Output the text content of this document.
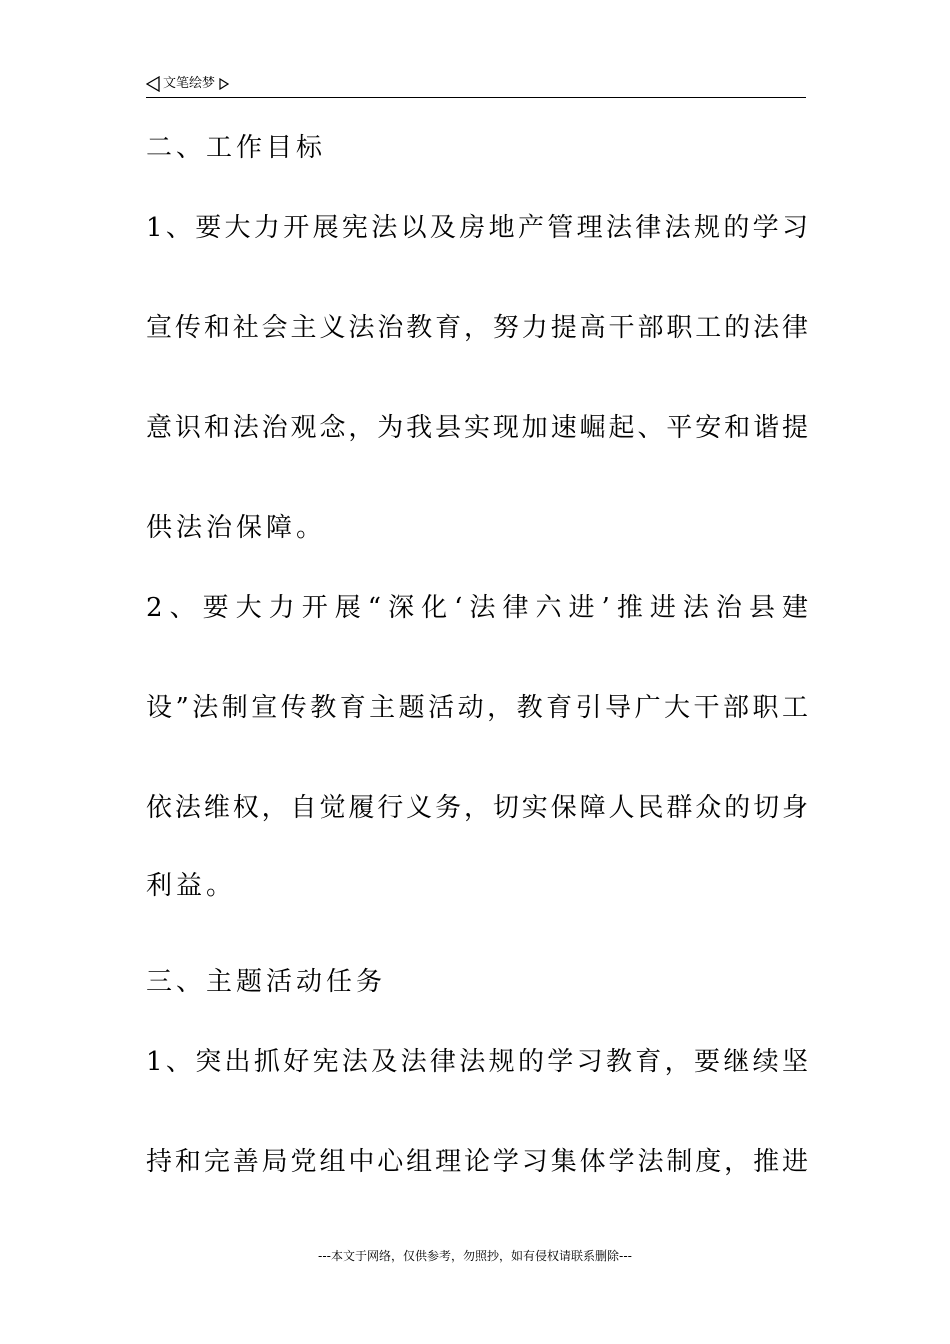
文笔绘梦
二、工作目标
1、要大力开展宪法以及房地产管理法律法规的学习
宣传和社会主义法治教育，努力提高干部职工的法律
意识和法治观念，为我县实现加速崛起、平安和谐提
供法治保障。
2、要大力开展“深化‘法律六进’推进法治县建
设”法制宣传教育主题活动，教育引导广大干部职工
依法维权，自觉履行义务，切实保障人民群众的切身
利益。
三、主题活动任务
1、突出抓好宪法及法律法规的学习教育，要继续坚
持和完善局党组中心组理论学习集体学法制度，推进
---本文于网络，仅供参考，勿照抄，如有侵权请联系删除---
